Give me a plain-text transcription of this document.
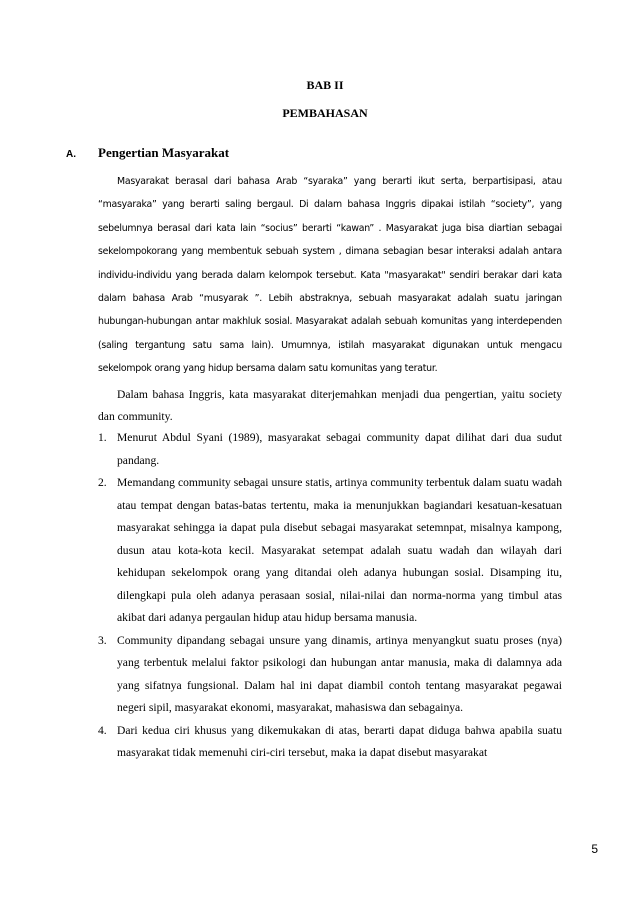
BAB II
PEMBAHASAN
A. Pengertian Masyarakat
Masyarakat berasal dari bahasa Arab “syaraka” yang berarti ikut serta, berpartisipasi, atau “masyaraka” yang berarti saling bergaul. Di dalam bahasa Inggris dipakai istilah “society”, yang sebelumnya berasal dari kata lain “socius” berarti “kawan” . Masyarakat juga bisa diartian sebagai sekelompokorang yang membentuk sebuah system , dimana sebagian besar interaksi adalah antara individu-individu yang berada dalam kelompok tersebut. Kata "masyarakat" sendiri berakar dari kata dalam bahasa Arab “musyarak ”. Lebih abstraknya, sebuah masyarakat adalah suatu jaringan hubungan-hubungan antar makhluk sosial. Masyarakat adalah sebuah komunitas yang interdependen (saling tergantung satu sama lain). Umumnya, istilah masyarakat digunakan untuk mengacu sekelompok orang yang hidup bersama dalam satu komunitas yang teratur.
Dalam bahasa Inggris, kata masyarakat diterjemahkan menjadi dua pengertian, yaitu society dan community.
1. Menurut Abdul Syani (1989), masyarakat sebagai community dapat dilihat dari dua sudut pandang.
2. Memandang community sebagai unsure statis, artinya community terbentuk dalam suatu wadah atau tempat dengan batas-batas tertentu, maka ia menunjukkan bagiandari kesatuan-kesatuan masyarakat sehingga ia dapat pula disebut sebagai masyarakat setemnpat, misalnya kampong, dusun atau kota-kota kecil. Masyarakat setempat adalah suatu wadah dan wilayah dari kehidupan sekelompok orang yang ditandai oleh adanya hubungan sosial. Disamping itu, dilengkapi pula oleh adanya perasaan sosial, nilai-nilai dan norma-norma yang timbul atas akibat dari adanya pergaulan hidup atau hidup bersama manusia.
3. Community dipandang sebagai unsure yang dinamis, artinya menyangkut suatu proses (nya) yang terbentuk melalui faktor psikologi dan hubungan antar manusia, maka di dalamnya ada yang sifatnya fungsional. Dalam hal ini dapat diambil contoh tentang masyarakat pegawai negeri sipil, masyarakat ekonomi, masyarakat, mahasiswa dan sebagainya.
4. Dari kedua ciri khusus yang dikemukakan di atas, berarti dapat diduga bahwa apabila suatu masyarakat tidak memenuhi ciri-ciri tersebut, maka ia dapat disebut masyarakat
5
